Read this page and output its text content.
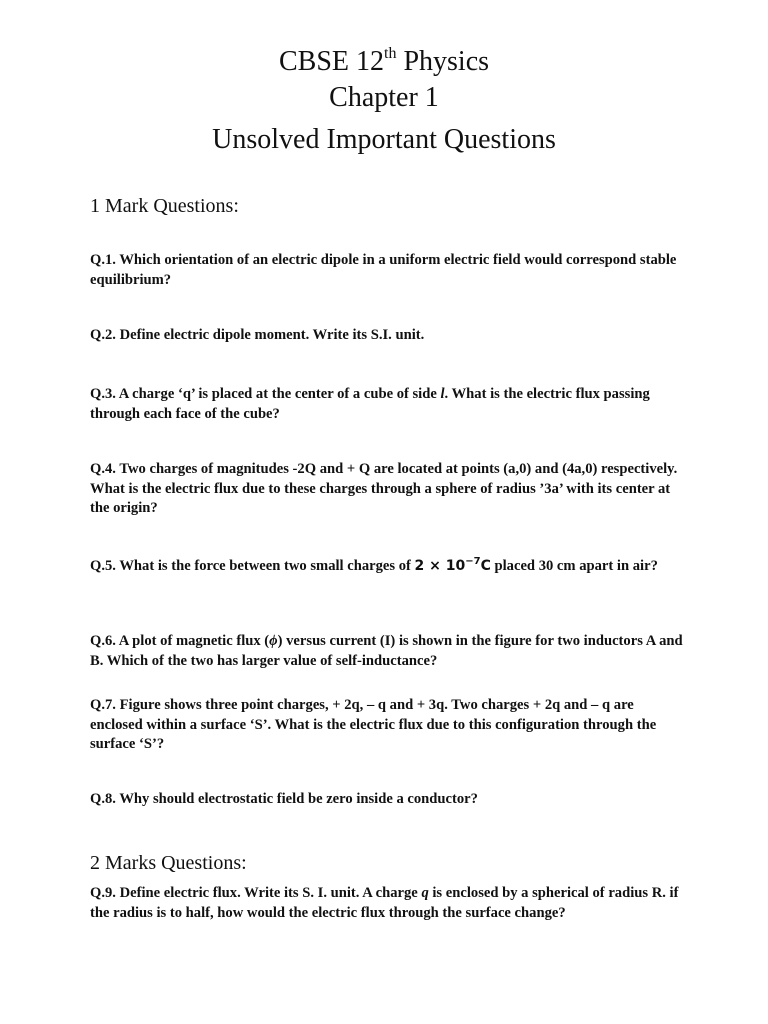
CBSE 12th Physics
Chapter 1
Unsolved Important Questions
1 Mark Questions:

Q.1. Which orientation of an electric dipole in a uniform electric field would correspond stable equilibrium?

Q.2. Define electric dipole moment. Write its S.I. unit.

Q.3. A charge ‘q’ is placed at the center of a cube of side l. What is the electric flux passing through each face of the cube?

Q.4. Two charges of magnitudes -2Q and + Q are located at points (a,0) and (4a,0) respectively. What is the electric flux due to these charges through a sphere of radius ’3a’ with its center at the origin?

Q.5. What is the force between two small charges of $2 \times 10^{-7}C$ placed 30 cm apart in air?

Q.6. A plot of magnetic flux (ϕ) versus current (I) is shown in the figure for two inductors A and B. Which of the two has larger value of self-inductance?

Q.7. Figure shows three point charges, + 2q, – q and + 3q. Two charges + 2q and – q are enclosed within a surface ‘S’. What is the electric flux due to this configuration through the surface ‘S’?

Q.8. Why should electrostatic field be zero inside a conductor?

2 Marks Questions:

Q.9. Define electric flux. Write its S. I. unit. A charge q is enclosed by a spherical of radius R. if the radius is to half, how would the electric flux through the surface change?
